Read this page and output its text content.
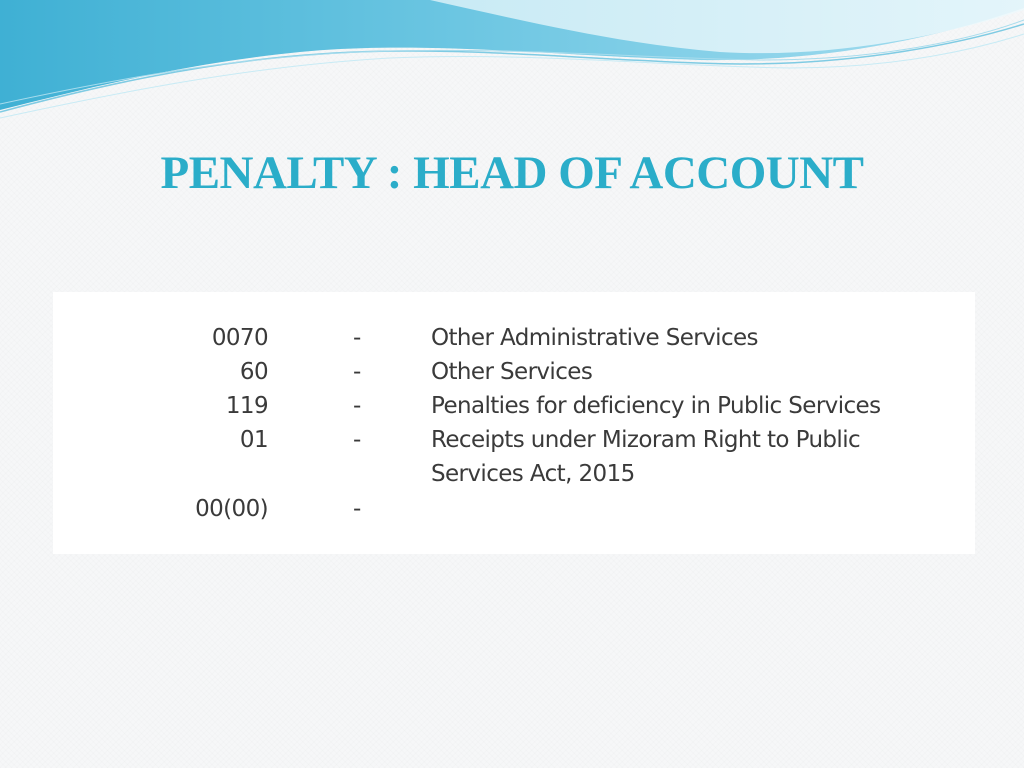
PENALTY : HEAD OF ACCOUNT
0070	-	Other Administrative Services
60	-	Other Services
119	-	Penalties for deficiency in Public Services
01	-	Receipts under Mizoram Right to Public Services Act, 2015
00(00)	-
